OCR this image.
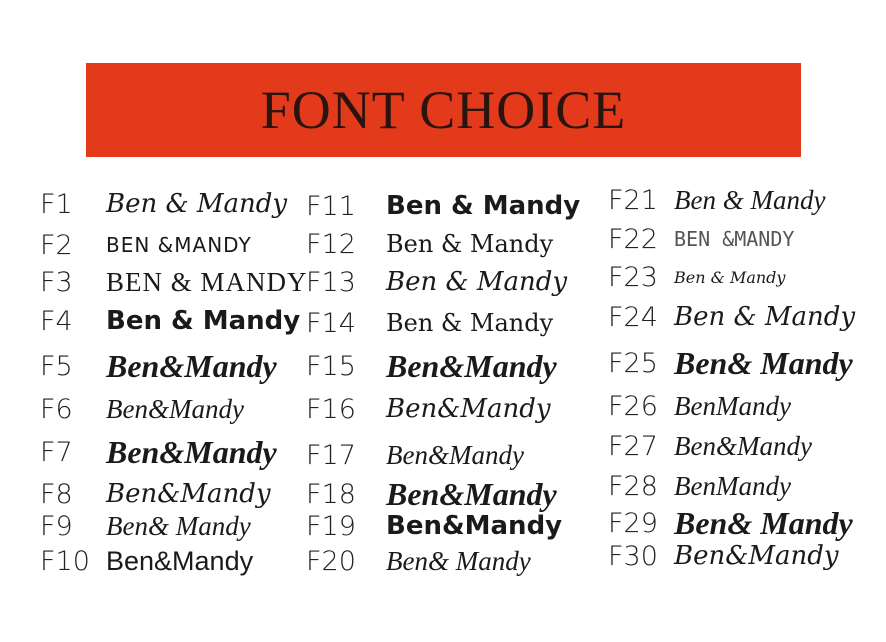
FONT CHOICE
F1	Ben & Mandy
F2	BEN &MANDY
F3	BEN & MANDY
F4	Ben & Mandy
F5	Ben&Mandy
F6	Ben&Mandy
F7	Ben&Mandy
F8	Ben&Mandy
F9	Ben& Mandy
F10 Ben&Mandy
F11	Ben & Mandy
F12	Ben & Mandy
F13	Ben & Mandy
F14	Ben & Mandy
F15 Ben&Mandy
F16	Ben&Mandy
F17	Ben&Mandy
F18 Ben&Mandy
F19	Ben&Mandy
F20	Ben& Mandy
F21 Ben & Mandy
F22 BEN &MANDY
F23	Ben & Mandy
F24 Ben & Mandy
F25 Ben& Mandy
F26 BenMandy
F27 Ben&Mandy
F28 BenMandy
F29 Ben& Mandy
F30 Ben&Mandy
